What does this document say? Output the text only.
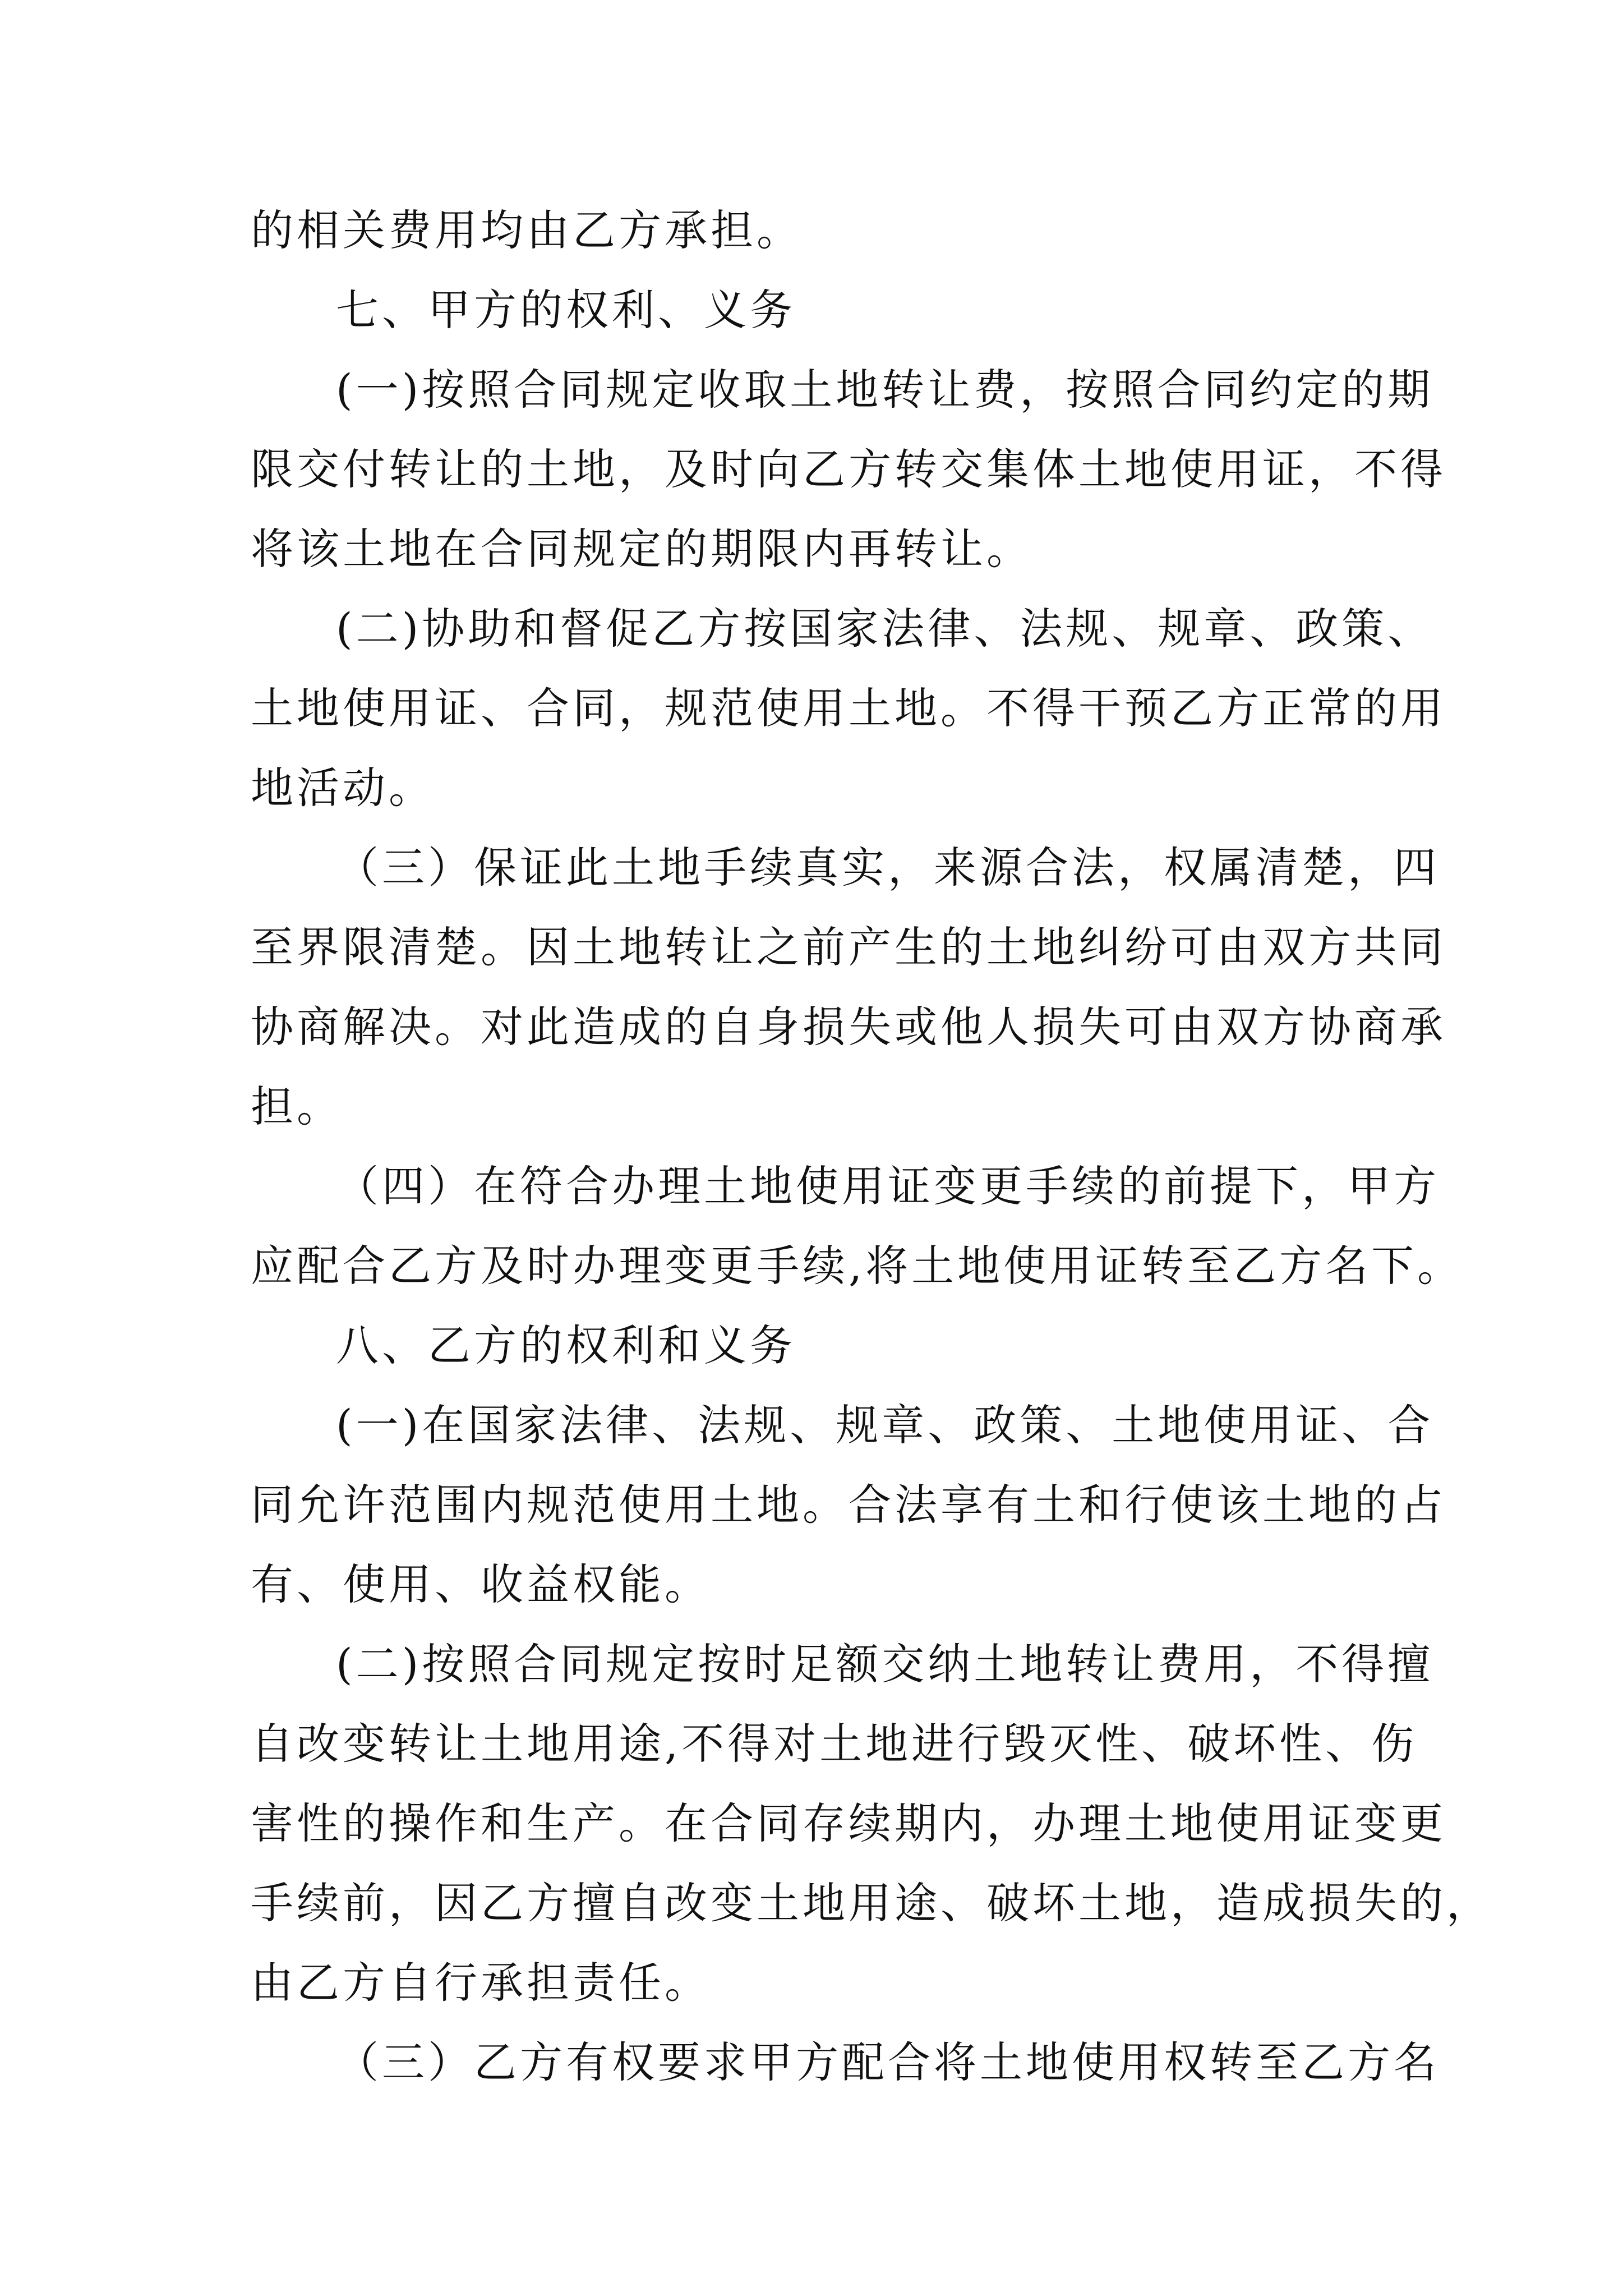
的相关费用均由乙方承担。
七、甲方的权利、义务
(一)按照合同规定收取土地转让费，按照合同约定的期
限交付转让的土地，及时向乙方转交集体土地使用证，不得
将该土地在合同规定的期限内再转让。
(二)协助和督促乙方按国家法律、法规、规章、政策、
土地使用证、合同，规范使用土地。不得干预乙方正常的用
地活动。
（三）保证此土地手续真实，来源合法，权属清楚，四
至界限清楚。因土地转让之前产生的土地纠纷可由双方共同
协商解决。对此造成的自身损失或他人损失可由双方协商承
担。
（四）在符合办理土地使用证变更手续的前提下，甲方
应配合乙方及时办理变更手续,将土地使用证转至乙方名下。
八、乙方的权利和义务
(一)在国家法律、法规、规章、政策、土地使用证、合
同允许范围内规范使用土地。合法享有土和行使该土地的占
有、使用、收益权能。
(二)按照合同规定按时足额交纳土地转让费用，不得擅
自改变转让土地用途,不得对土地进行毁灭性、破坏性、伤
害性的操作和生产。在合同存续期内，办理土地使用证变更
手续前，因乙方擅自改变土地用途、破坏土地，造成损失的，
由乙方自行承担责任。
（三）乙方有权要求甲方配合将土地使用权转至乙方名
